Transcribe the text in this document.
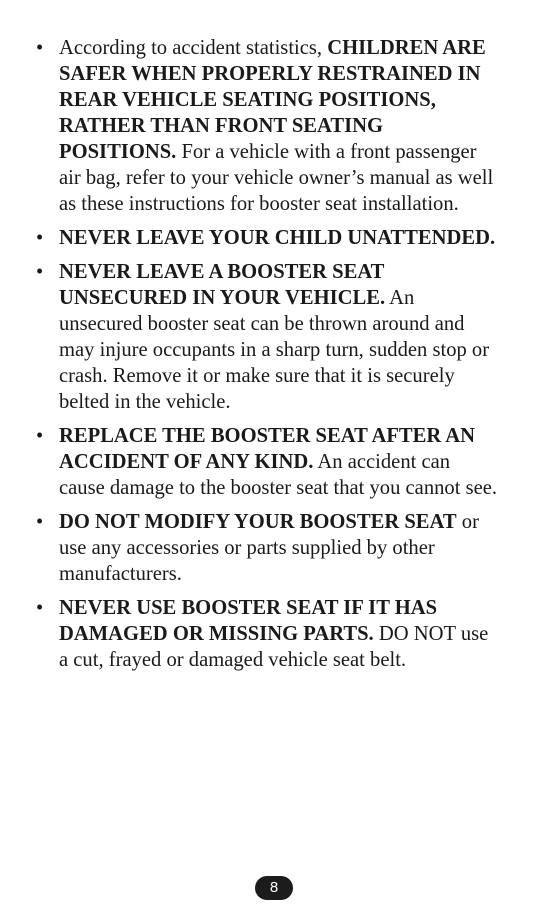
• According to accident statistics, CHILDREN ARE SAFER WHEN PROPERLY RESTRAINED IN REAR VEHICLE SEATING POSITIONS, RATHER THAN FRONT SEATING POSITIONS. For a vehicle with a front passenger air bag, refer to your vehicle owner’s manual as well as these instructions for booster seat installation.
• NEVER LEAVE YOUR CHILD UNATTENDED.
• NEVER LEAVE A BOOSTER SEAT UNSECURED IN YOUR VEHICLE. An unsecured booster seat can be thrown around and may injure occupants in a sharp turn, sudden stop or crash. Remove it or make sure that it is securely belted in the vehicle.
• REPLACE THE BOOSTER SEAT AFTER AN ACCIDENT OF ANY KIND. An accident can cause damage to the booster seat that you cannot see.
• DO NOT MODIFY YOUR BOOSTER SEAT or use any accessories or parts supplied by other manufacturers.
• NEVER USE BOOSTER SEAT IF IT HAS DAMAGED OR MISSING PARTS. DO NOT use a cut, frayed or damaged vehicle seat belt.
8
